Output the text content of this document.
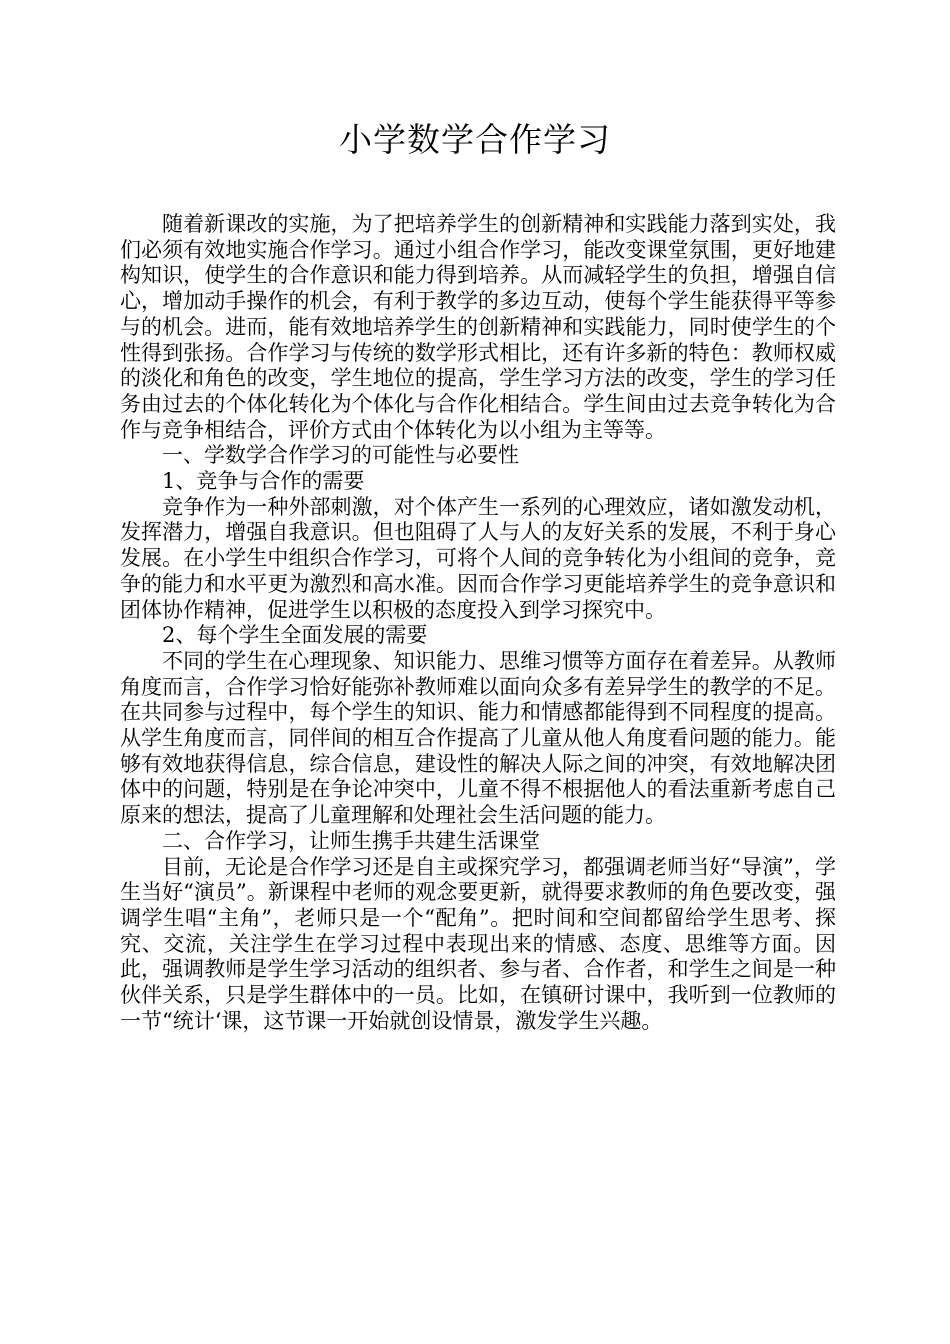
小学数学合作学习

随着新课改的实施，为了把培养学生的创新精神和实践能力落到实处，我们必须有效地实施合作学习。通过小组合作学习，能改变课堂氛围，更好地建构知识，使学生的合作意识和能力得到培养。从而减轻学生的负担，增强自信心，增加动手操作的机会，有利于教学的多边互动，使每个学生能获得平等参与的机会。进而，能有效地培养学生的创新精神和实践能力，同时使学生的个性得到张扬。合作学习与传统的数学形式相比，还有许多新的特色：教师权威的淡化和角色的改变，学生地位的提高，学生学习方法的改变，学生的学习任务由过去的个体化转化为个体化与合作化相结合。学生间由过去竞争转化为合作与竞争相结合，评价方式由个体转化为以小组为主等等。

一、学数学合作学习的可能性与必要性

1、竞争与合作的需要

竞争作为一种外部刺激，对个体产生一系列的心理效应，诸如激发动机，发挥潜力，增强自我意识。但也阻碍了人与人的友好关系的发展，不利于身心发展。在小学生中组织合作学习，可将个人间的竞争转化为小组间的竞争，竞争的能力和水平更为激烈和高水准。因而合作学习更能培养学生的竞争意识和团体协作精神，促进学生以积极的态度投入到学习探究中。

2、每个学生全面发展的需要

不同的学生在心理现象、知识能力、思维习惯等方面存在着差异。从教师角度而言，合作学习恰好能弥补教师难以面向众多有差异学生的教学的不足。在共同参与过程中，每个学生的知识、能力和情感都能得到不同程度的提高。从学生角度而言，同伴间的相互合作提高了儿童从他人角度看问题的能力。能够有效地获得信息，综合信息，建设性的解决人际之间的冲突，有效地解决团体中的问题，特别是在争论冲突中，儿童不得不根据他人的看法重新考虑自己原来的想法，提高了儿童理解和处理社会生活问题的能力。

二、合作学习，让师生携手共建生活课堂

目前，无论是合作学习还是自主或探究学习，都强调老师当好“导演”，学生当好“演员”。新课程中老师的观念要更新，就得要求教师的角色要改变，强调学生唱“主角”，老师只是一个“配角”。把时间和空间都留给学生思考、探究、交流，关注学生在学习过程中表现出来的情感、态度、思维等方面。因此，强调教师是学生学习活动的组织者、参与者、合作者，和学生之间是一种伙伴关系，只是学生群体中的一员。比如，在镇研讨课中，我听到一位教师的一节“统计‘课，这节课一开始就创设情景，激发学生兴趣。
